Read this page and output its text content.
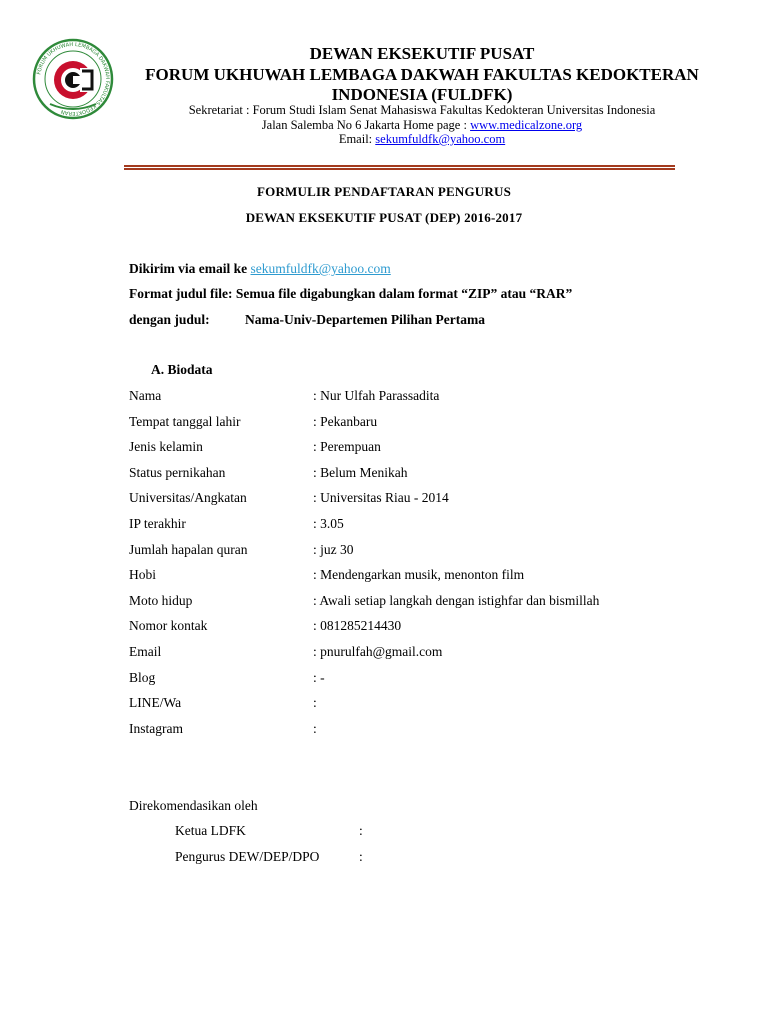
FORUM UKHUWAH LEMBAGA DAKWAH FAKULTAS KEDOKTERAN
DEWAN EKSEKUTIF PUSAT
FORUM UKHUWAH LEMBAGA DAKWAH FAKULTAS KEDOKTERAN
INDONESIA (FULDFK)
Sekretariat : Forum Studi Islam Senat Mahasiswa Fakultas Kedokteran Universitas Indonesia
Jalan Salemba No 6 Jakarta Home page : www.medicalzone.org
Email: sekumfuldfk@yahoo.com
FORMULIR PENDAFTARAN PENGURUS
DEWAN EKSEKUTIF PUSAT (DEP) 2016-2017
Dikirim via email ke sekumfuldfk@yahoo.com
Format judul file: Semua file digabungkan dalam format “ZIP” atau “RAR”
dengan judul:	Nama-Univ-Departemen Pilihan Pertama
A. Biodata
Nama	: Nur Ulfah Parassadita
Tempat tanggal lahir	: Pekanbaru
Jenis kelamin	: Perempuan
Status pernikahan	: Belum Menikah
Universitas/Angkatan	: Universitas Riau - 2014
IP terakhir	: 3.05
Jumlah hapalan quran	: juz 30
Hobi	: Mendengarkan musik, menonton film
Moto hidup	: Awali setiap langkah dengan istighfar dan bismillah
Nomor kontak	: 081285214430
Email	: pnurulfah@gmail.com
Blog	: -
LINE/Wa	:
Instagram	:
Direkomendasikan oleh
Ketua LDFK	:
Pengurus DEW/DEP/DPO	:
